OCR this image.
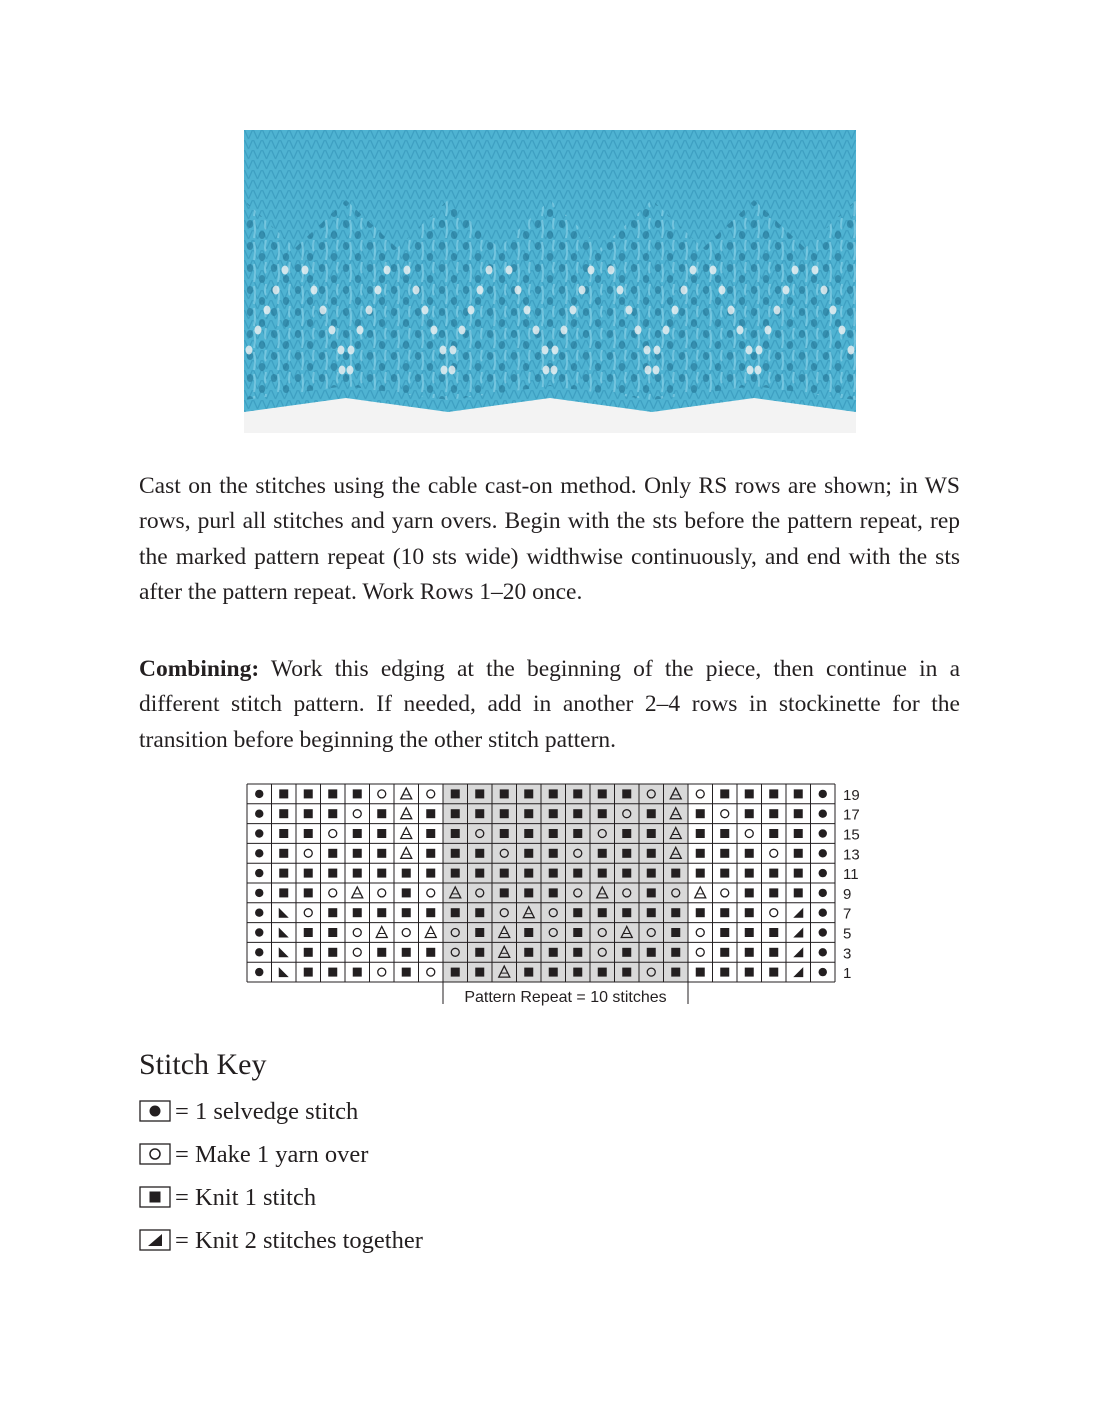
Cast on the stitches using the cable cast-on method. Only RS rows are shown; in WS rows, purl all stitches and yarn overs. Begin with the sts before the pattern repeat, rep the marked pattern repeat (10 sts wide) widthwise continuously, and end with the sts after the pattern repeat. Work Rows 1–20 once.

Combining: Work this edging at the beginning of the piece, then continue in a different stitch pattern. If needed, add in another 2–4 rows in stockinette for the transition before beginning the other stitch pattern.

19
17
15
13
11
9
7
5
3
1
Pattern Repeat = 10 stitches
Stitch Key
= 1 selvedge stitch
= Make 1 yarn over
= Knit 1 stitch
= Knit 2 stitches together
